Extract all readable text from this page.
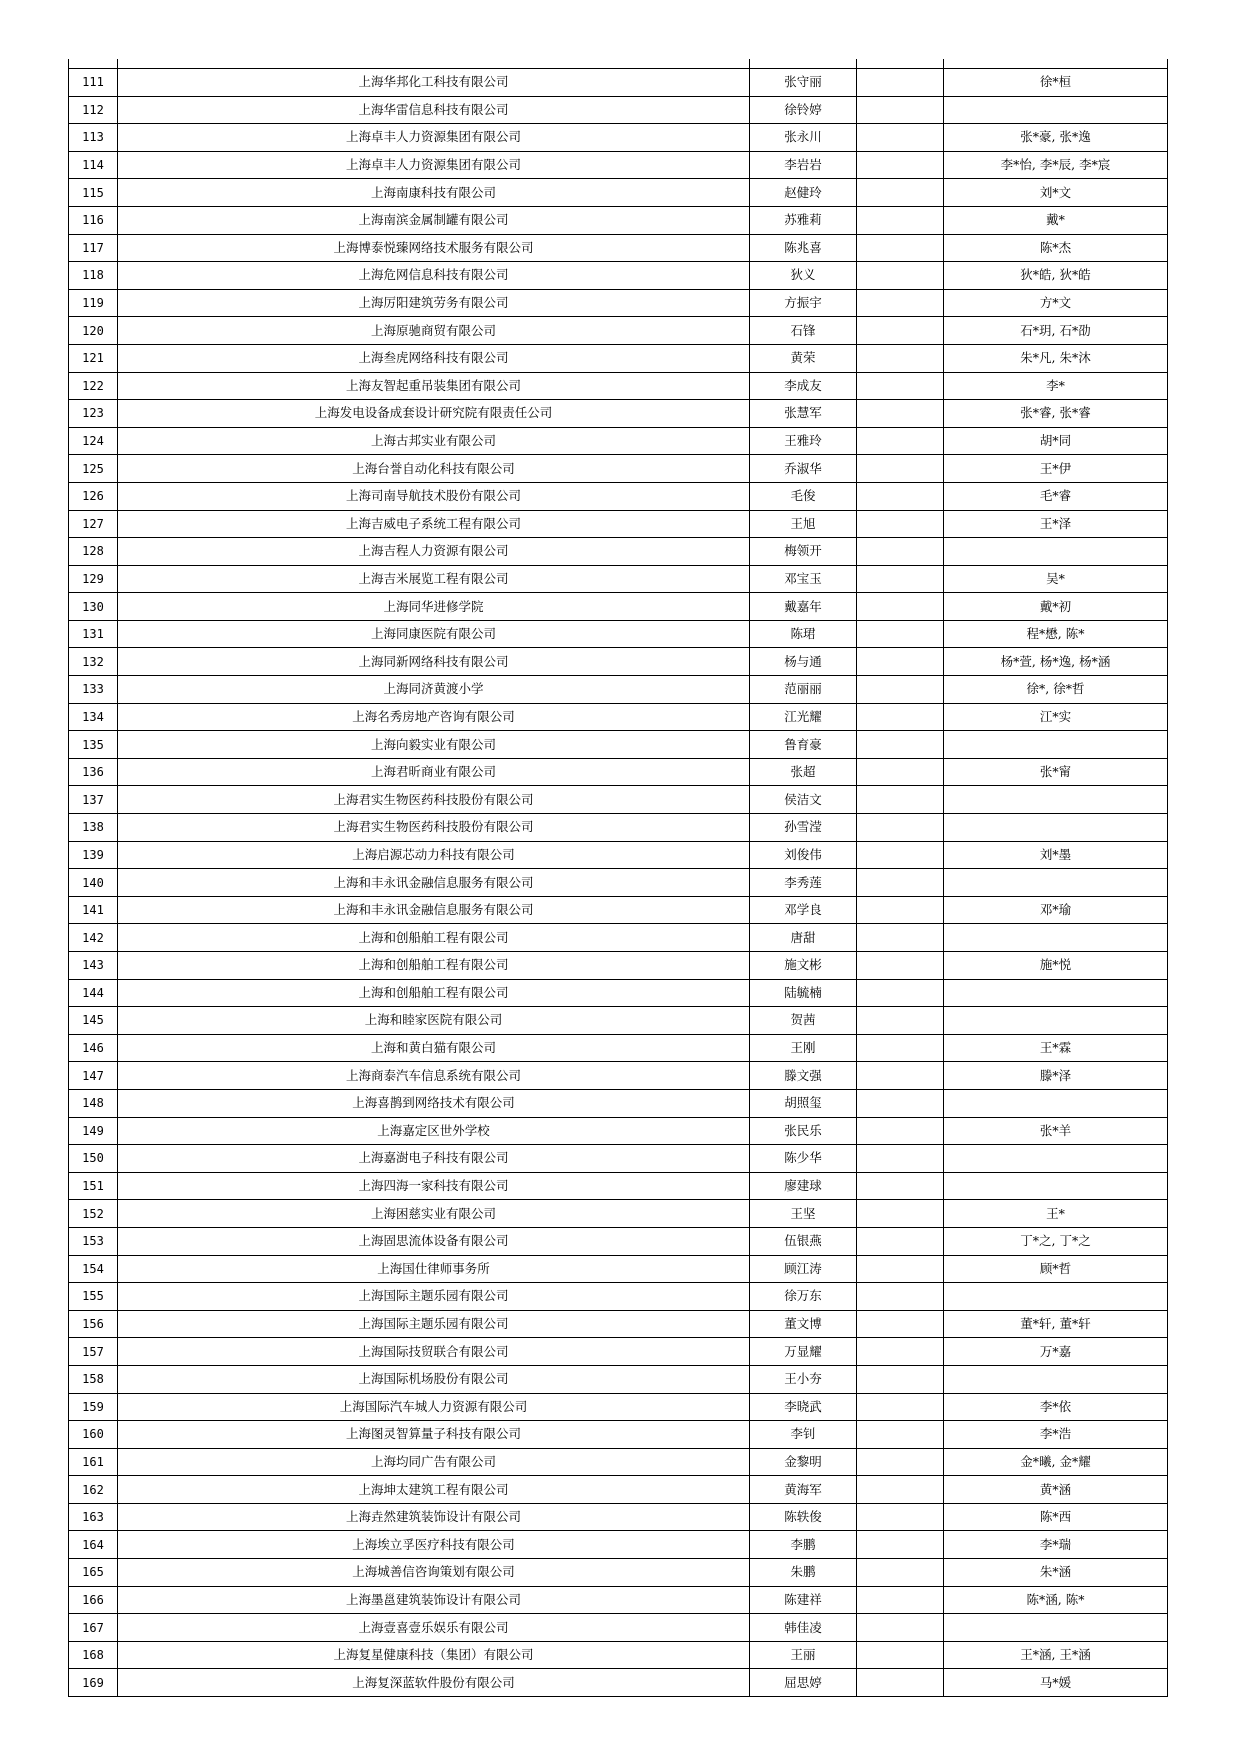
111	上海华邦化工科技有限公司	张守丽		徐*桓
112	上海华雷信息科技有限公司	徐铃婷		
113	上海卓丰人力资源集团有限公司	张永川		张*豪, 张*逸
114	上海卓丰人力资源集团有限公司	李岩岩		李*怡, 李*辰, 李*宸
115	上海南康科技有限公司	赵健玲		刘*文
116	上海南滨金属制罐有限公司	苏雅莉		戴*
117	上海博泰悦臻网络技术服务有限公司	陈兆喜		陈*杰
118	上海危网信息科技有限公司	狄义		狄*皓, 狄*皓
119	上海厉阳建筑劳务有限公司	方振宇		方*文
120	上海原驰商贸有限公司	石锋		石*玥, 石*劭
121	上海叁虎网络科技有限公司	黄荣		朱*凡, 朱*沐
122	上海友智起重吊装集团有限公司	李成友		李*
123	上海发电设备成套设计研究院有限责任公司	张慧军		张*睿, 张*睿
124	上海古邦实业有限公司	王雅玲		胡*同
125	上海台誉自动化科技有限公司	乔淑华		王*伊
126	上海司南导航技术股份有限公司	毛俊		毛*睿
127	上海吉威电子系统工程有限公司	王旭		王*泽
128	上海吉程人力资源有限公司	梅领开		
129	上海吉米展览工程有限公司	邓宝玉		吴*
130	上海同华进修学院	戴嘉年		戴*初
131	上海同康医院有限公司	陈珺		程*懋, 陈*
132	上海同新网络科技有限公司	杨与通		杨*萱, 杨*逸, 杨*涵
133	上海同济黄渡小学	范丽丽		徐*, 徐*哲
134	上海名秀房地产咨询有限公司	江光耀		江*实
135	上海向毅实业有限公司	鲁育豪		
136	上海君昕商业有限公司	张超		张*甯
137	上海君实生物医药科技股份有限公司	侯洁文		
138	上海君实生物医药科技股份有限公司	孙雪滢		
139	上海启源芯动力科技有限公司	刘俊伟		刘*墨
140	上海和丰永讯金融信息服务有限公司	李秀莲		
141	上海和丰永讯金融信息服务有限公司	邓学良		邓*瑜
142	上海和创船舶工程有限公司	唐甜		
143	上海和创船舶工程有限公司	施文彬		施*悦
144	上海和创船舶工程有限公司	陆毓楠		
145	上海和睦家医院有限公司	贺茜		
146	上海和黄白猫有限公司	王刚		王*霖
147	上海商泰汽车信息系统有限公司	滕文强		滕*泽
148	上海喜鹊到网络技术有限公司	胡照玺		
149	上海嘉定区世外学校	张民乐		张*羊
150	上海嘉澍电子科技有限公司	陈少华		
151	上海四海一家科技有限公司	廖建球		
152	上海困慈实业有限公司	王坚		王*
153	上海固思流体设备有限公司	伍银燕		丁*之, 丁*之
154	上海国仕律师事务所	顾江涛		顾*哲
155	上海国际主题乐园有限公司	徐万东		
156	上海国际主题乐园有限公司	董文博		董*轩, 董*轩
157	上海国际技贸联合有限公司	万显耀		万*嘉
158	上海国际机场股份有限公司	王小夯		
159	上海国际汽车城人力资源有限公司	李晓武		李*依
160	上海图灵智算量子科技有限公司	李钊		李*浩
161	上海均同广告有限公司	金黎明		金*曦, 金*耀
162	上海坤太建筑工程有限公司	黄海军		黄*涵
163	上海垚然建筑装饰设计有限公司	陈轶俊		陈*西
164	上海埃立孚医疗科技有限公司	李鹏		李*瑞
165	上海城善信咨询策划有限公司	朱鹏		朱*涵
166	上海墨邕建筑装饰设计有限公司	陈建祥		陈*涵, 陈*
167	上海壹喜壹乐娱乐有限公司	韩佳凌		
168	上海复星健康科技（集团）有限公司	王丽		王*涵, 王*涵
169	上海复深蓝软件股份有限公司	屈思婷		马*媛
